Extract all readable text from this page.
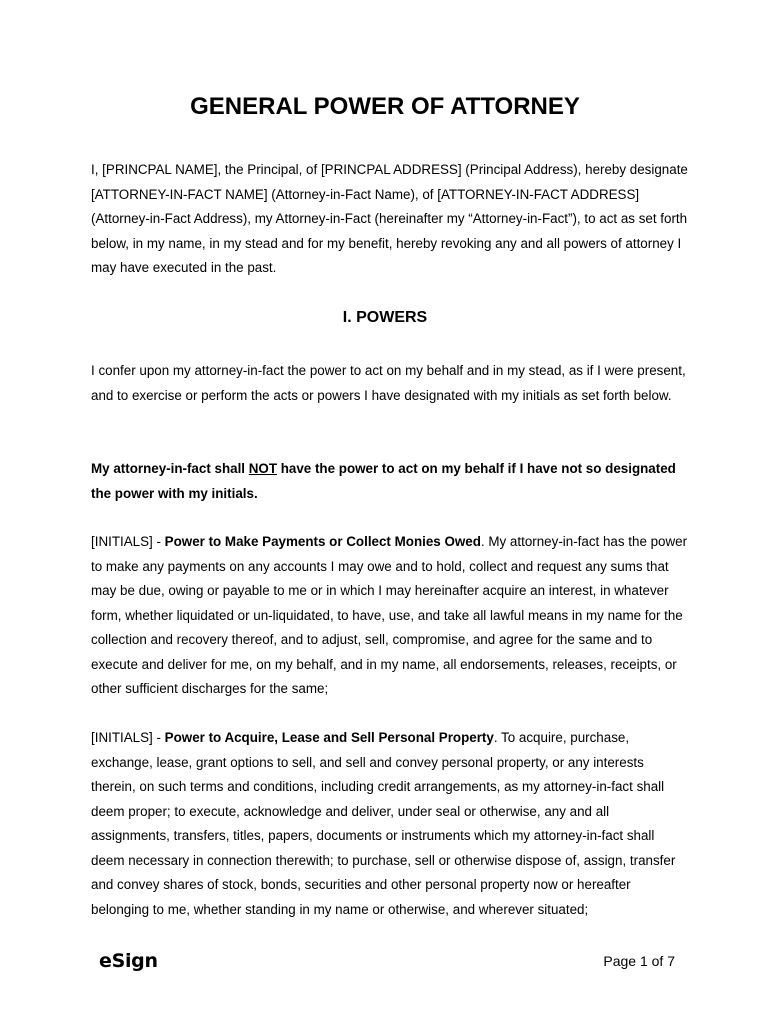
GENERAL POWER OF ATTORNEY
I, [PRINCPAL NAME], the Principal, of [PRINCPAL ADDRESS] (Principal Address), hereby designate [ATTORNEY-IN-FACT NAME] (Attorney-in-Fact Name), of [ATTORNEY-IN-FACT ADDRESS] (Attorney-in-Fact Address), my Attorney-in-Fact (hereinafter my “Attorney-in-Fact”), to act as set forth below, in my name, in my stead and for my benefit, hereby revoking any and all powers of attorney I may have executed in the past.
I. POWERS
I confer upon my attorney-in-fact the power to act on my behalf and in my stead, as if I were present, and to exercise or perform the acts or powers I have designated with my initials as set forth below.
My attorney-in-fact shall NOT have the power to act on my behalf if I have not so designated the power with my initials.
[INITIALS] - Power to Make Payments or Collect Monies Owed. My attorney-in-fact has the power to make any payments on any accounts I may owe and to hold, collect and request any sums that may be due, owing or payable to me or in which I may hereinafter acquire an interest, in whatever form, whether liquidated or un-liquidated, to have, use, and take all lawful means in my name for the collection and recovery thereof, and to adjust, sell, compromise, and agree for the same and to execute and deliver for me, on my behalf, and in my name, all endorsements, releases, receipts, or other sufficient discharges for the same;
[INITIALS] - Power to Acquire, Lease and Sell Personal Property. To acquire, purchase, exchange, lease, grant options to sell, and sell and convey personal property, or any interests therein, on such terms and conditions, including credit arrangements, as my attorney-in-fact shall deem proper; to execute, acknowledge and deliver, under seal or otherwise, any and all assignments, transfers, titles, papers, documents or instruments which my attorney-in-fact shall deem necessary in connection therewith; to purchase, sell or otherwise dispose of, assign, transfer and convey shares of stock, bonds, securities and other personal property now or hereafter belonging to me, whether standing in my name or otherwise, and wherever situated;
eSign	Page 1 of 7
